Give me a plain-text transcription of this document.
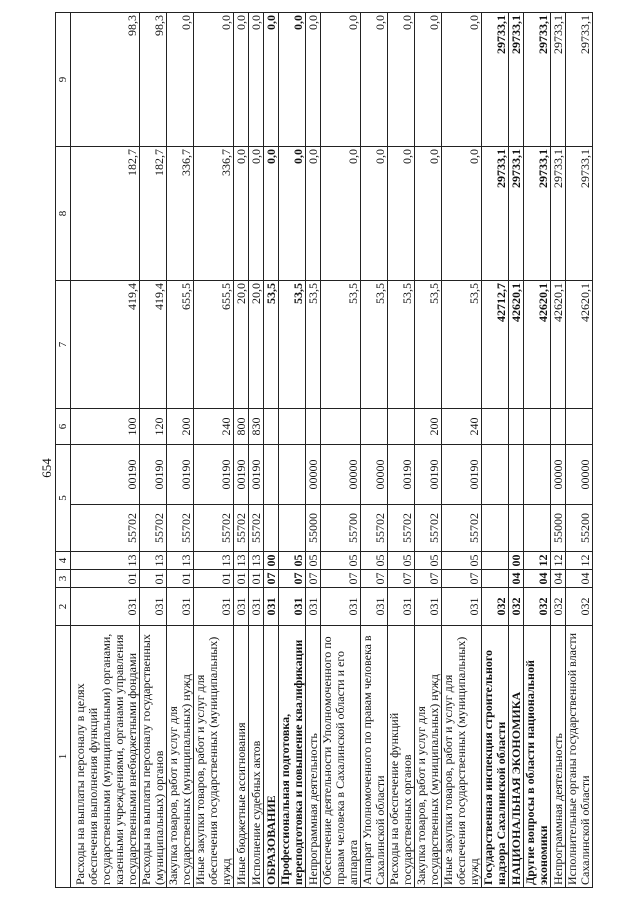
654
1	2	3	4	5		6	7	8	9
Расходы на выплаты персоналу в целях обеспечения выполнения функций государственными (муниципальными) органами, казенными учреждениями, органами управления государственными внебюджетными фондами	031	01	13	55702	00190	100	419,4	182,7	98,3
Расходы на выплаты персоналу государственных (муниципальных) органов	031	01	13	55702	00190	120	419,4	182,7	98,3
Закупка товаров, работ и услуг для государственных (муниципальных) нужд	031	01	13	55702	00190	200	655,5	336,7	0,0
Иные закупки товаров, работ и услуг для обеспечения государственных (муниципальных) нужд	031	01	13	55702	00190	240	655,5	336,7	0,0
Иные бюджетные ассигнования	031	01	13	55702	00190	800	20,0	0,0	0,0
Исполнение судебных актов	031	01	13	55702	00190	830	20,0	0,0	0,0
ОБРАЗОВАНИЕ	031	07	00				53,5	0,0	0,0
Профессиональная подготовка, переподготовка и повышение квалификации	031	07	05				53,5	0,0	0,0
Непрограммная деятельность	031	07	05	55000	00000		53,5	0,0	0,0
Обеспечение деятельности Уполномоченного по правам человека в Сахалинской области и его аппарата	031	07	05	55700	00000		53,5	0,0	0,0
Аппарат Уполномоченного по правам человека в Сахалинской области	031	07	05	55702	00000		53,5	0,0	0,0
Расходы на обеспечение функций государственных органов	031	07	05	55702	00190		53,5	0,0	0,0
Закупка товаров, работ и услуг для государственных (муниципальных) нужд	031	07	05	55702	00190	200	53,5	0,0	0,0
Иные закупки товаров, работ и услуг для обеспечения государственных (муниципальных) нужд	031	07	05	55702	00190	240	53,5	0,0	0,0
Государственная инспекция строительного надзора Сахалинской области	032						42712,7	29733,1	29733,1
НАЦИОНАЛЬНАЯ ЭКОНОМИКА	032	04	00				42620,1	29733,1	29733,1
Другие вопросы в области национальной экономики	032	04	12				42620,1	29733,1	29733,1
Непрограммная деятельность	032	04	12	55000	00000		42620,1	29733,1	29733,1
Исполнительные органы государственной власти Сахалинской области	032	04	12	55200	00000		42620,1	29733,1	29733,1
